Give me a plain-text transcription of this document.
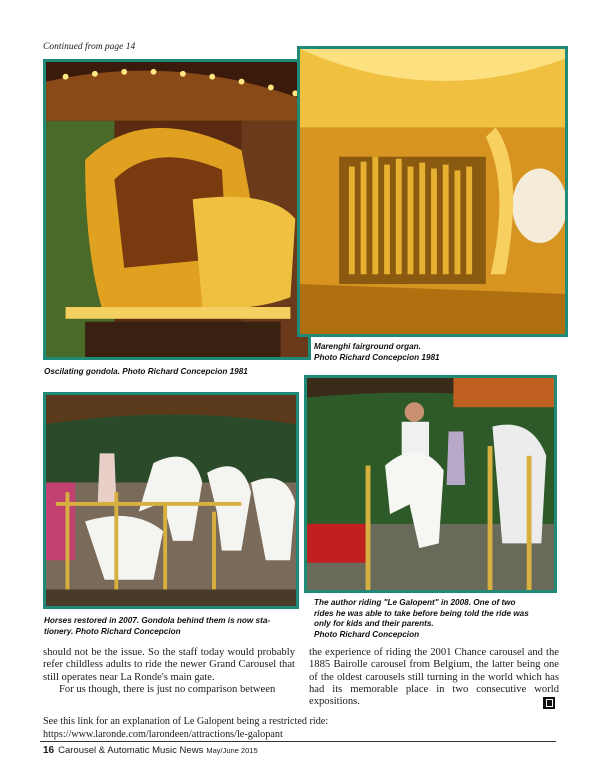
Continued from page 14
Marenghi fairground organ.
Photo Richard Concepcion 1981
Oscilating gondola. Photo Richard Concepcion 1981
Horses restored in 2007. Gondola behind them is now sta-
tionery. Photo Richard Concepcion
The author riding "Le Galopent" in 2008. One of two
rides he was able to take before being told the ride was
only for kids and their parents.
Photo Richard Concepcion

should not be the issue. So the staff today would probably refer childless adults to ride the newer Grand Carousel that still operates near La Ronde's main gate.

For us though, there is just no comparison between

the experience of riding the 2001 Chance carousel and the 1885 Bairolle carousel from Belgium, the latter being one of the oldest carousels still turning in the world which has had its memorable place in two consecutive world expositions.

See this link for an explanation of Le Galopent being a restricted ride:
https://www.laronde.com/larondeen/attractions/le-galopant
16 Carousel & Automatic Music News May/June 2015
